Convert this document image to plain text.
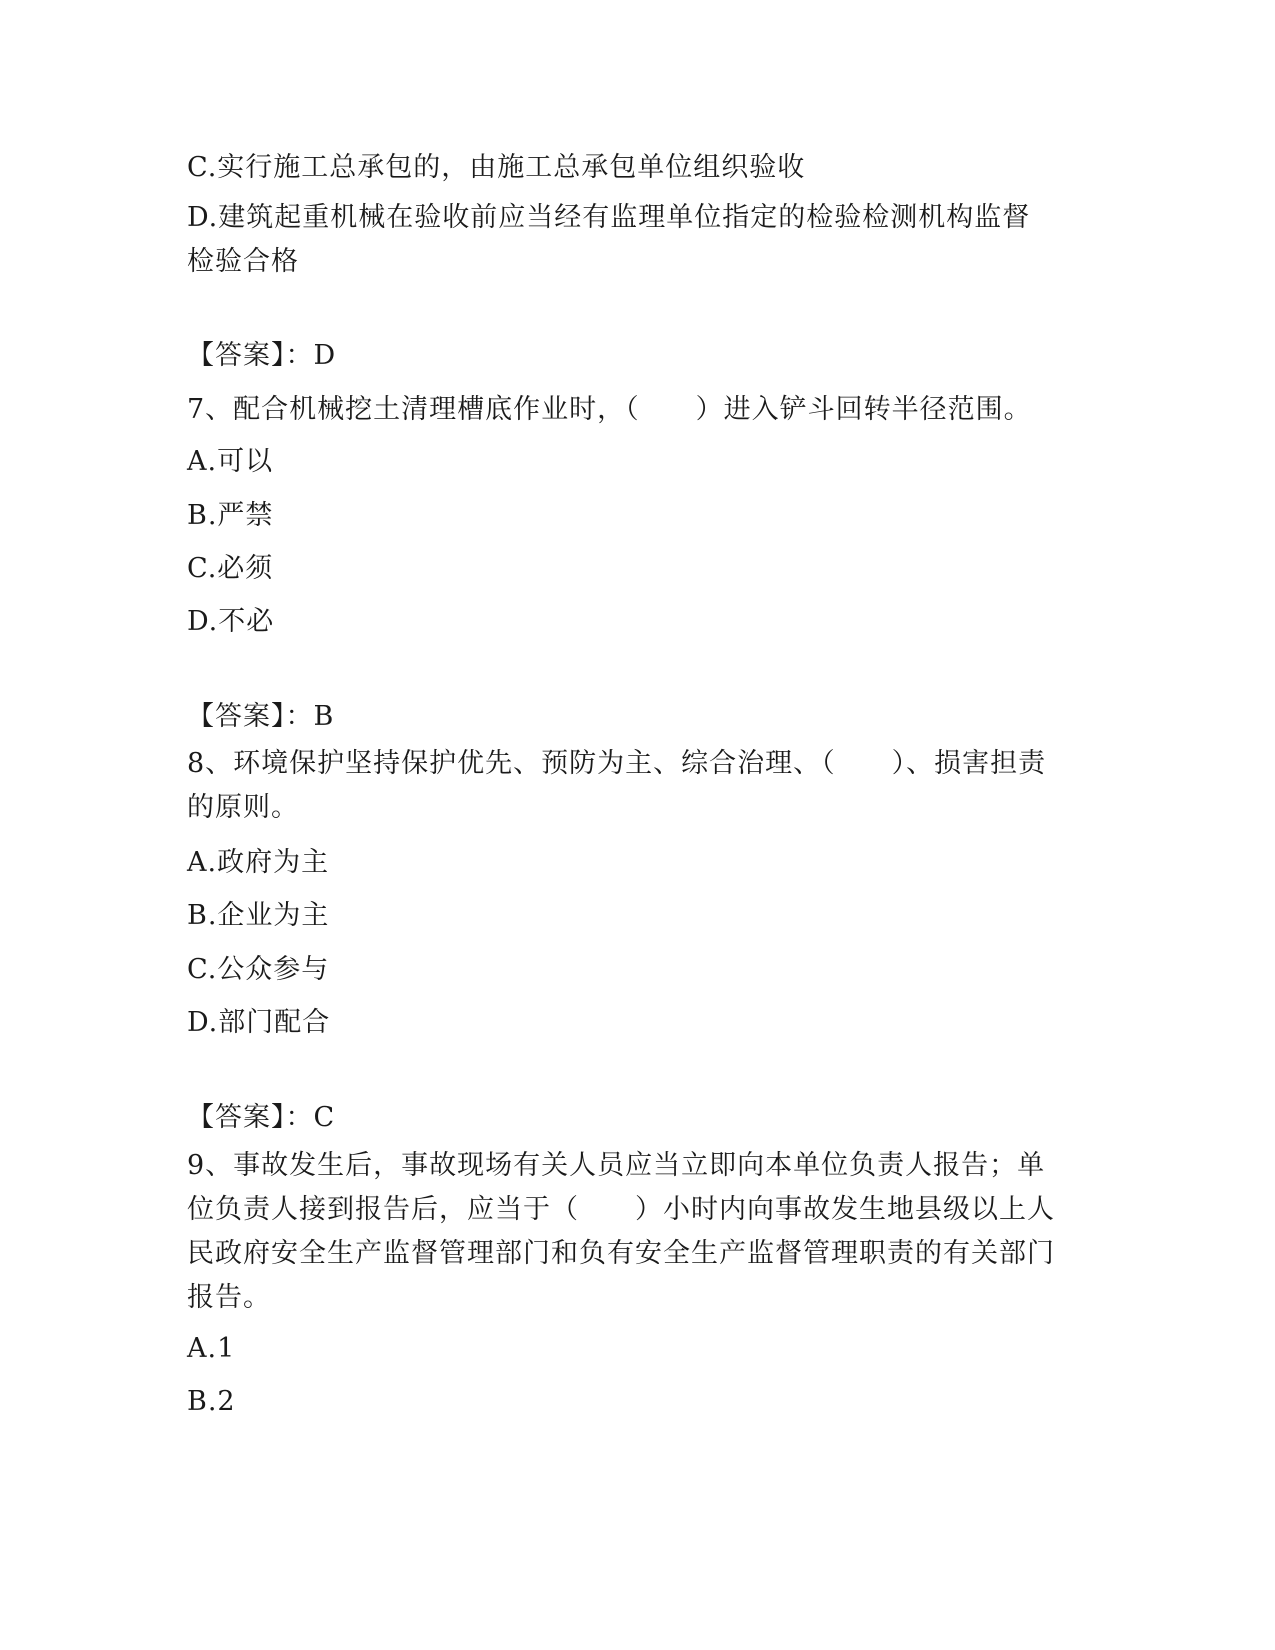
C.实行施工总承包的，由施工总承包单位组织验收
D.建筑起重机械在验收前应当经有监理单位指定的检验检测机构监督检验合格
【答案】：D
7、配合机械挖土清理槽底作业时，（　　）进入铲斗回转半径范围。
A.可以
B.严禁
C.必须
D.不必
【答案】：B
8、环境保护坚持保护优先、预防为主、综合治理、（　　）、损害担责的原则。
A.政府为主
B.企业为主
C.公众参与
D.部门配合
【答案】：C
9、事故发生后，事故现场有关人员应当立即向本单位负责人报告；单位负责人接到报告后，应当于（　　）小时内向事故发生地县级以上人民政府安全生产监督管理部门和负有安全生产监督管理职责的有关部门报告。
A.1
B.2
